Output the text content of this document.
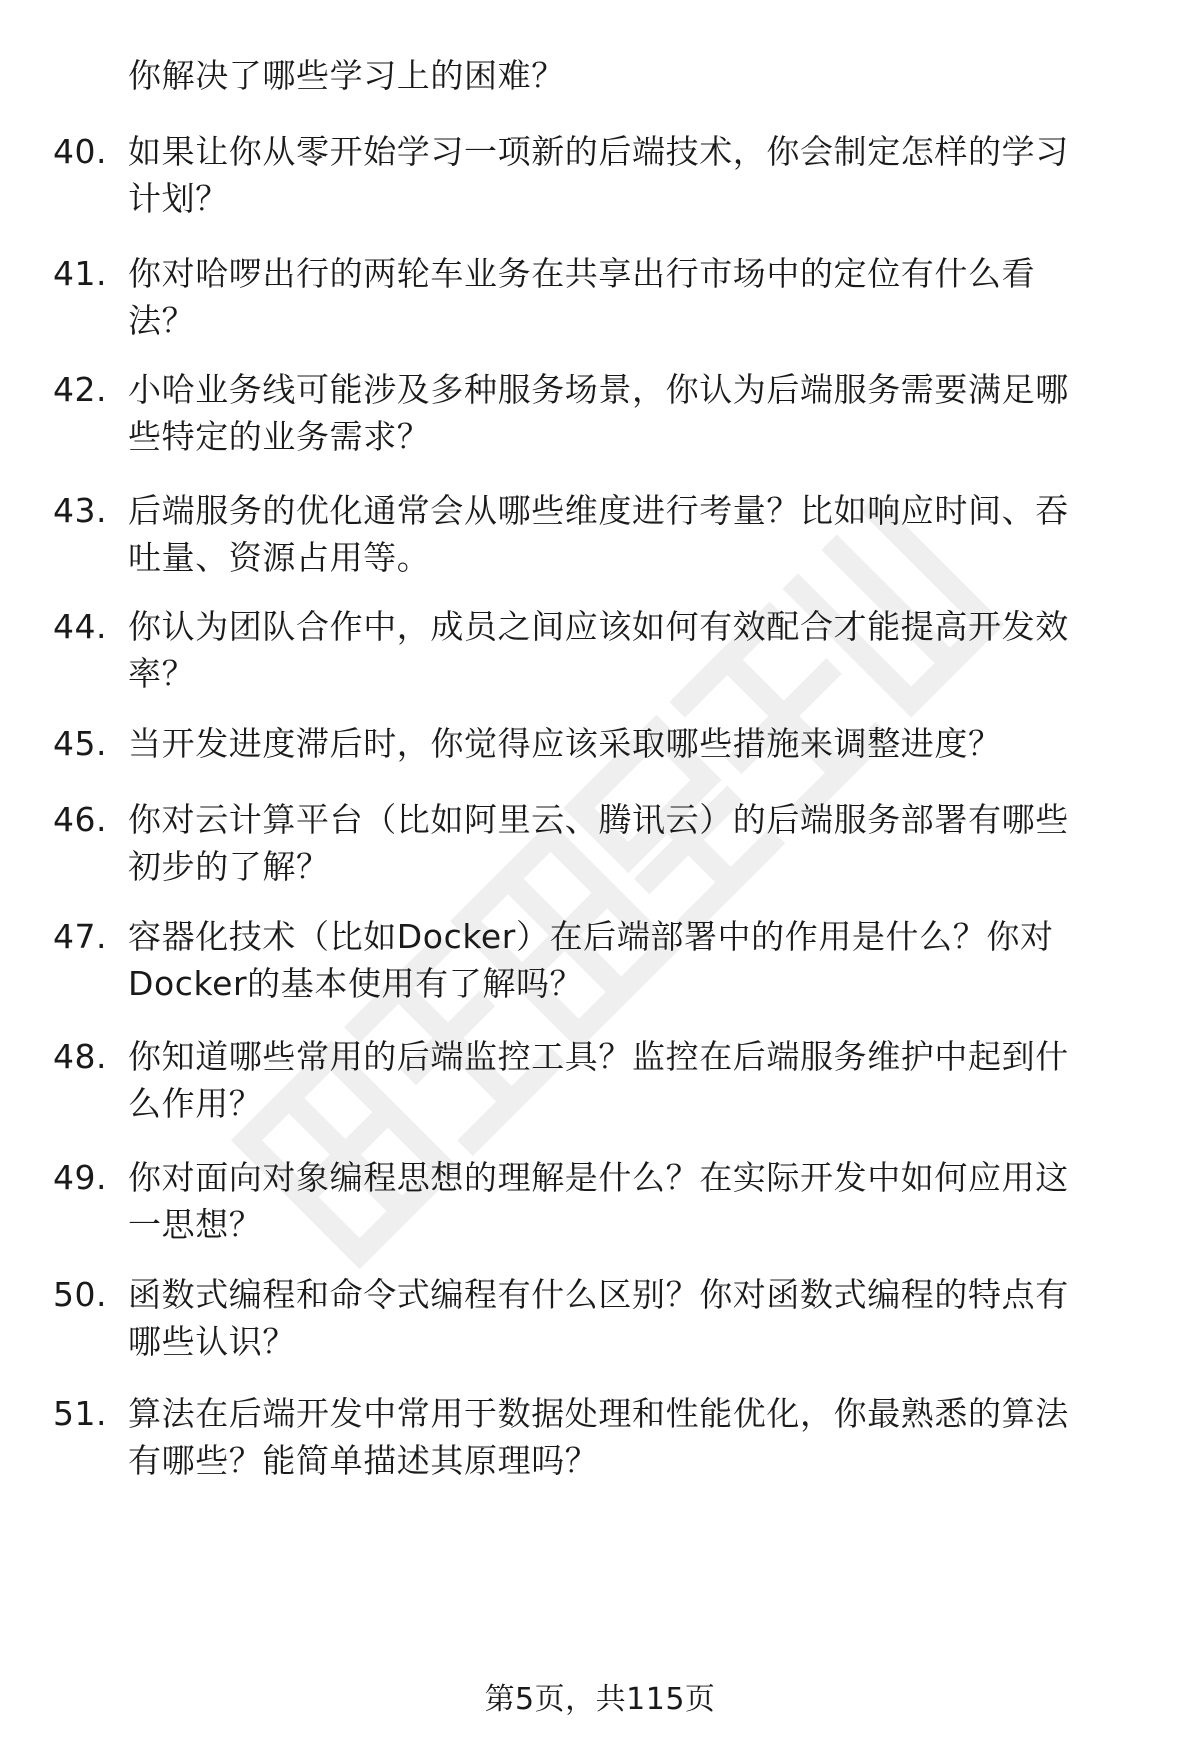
你解决了哪些学习上的困难？
40. 如果让你从零开始学习一项新的后端技术，你会制定怎样的学习
计划？
41. 你对哈啰出行的两轮车业务在共享出行市场中的定位有什么看
法？
42. 小哈业务线可能涉及多种服务场景，你认为后端服务需要满足哪
些特定的业务需求？
43. 后端服务的优化通常会从哪些维度进行考量？比如响应时间、吞
吐量、资源占用等。
44. 你认为团队合作中，成员之间应该如何有效配合才能提高开发效
率？
45. 当开发进度滞后时，你觉得应该采取哪些措施来调整进度？
46. 你对云计算平台（比如阿里云、腾讯云）的后端服务部署有哪些
初步的了解？
47. 容器化技术（比如Docker）在后端部署中的作用是什么？你对
Docker的基本使用有了解吗？
48. 你知道哪些常用的后端监控工具？监控在后端服务维护中起到什
么作用？
49. 你对面向对象编程思想的理解是什么？在实际开发中如何应用这
一思想？
50. 函数式编程和命令式编程有什么区别？你对函数式编程的特点有
哪些认识？
51. 算法在后端开发中常用于数据处理和性能优化，你最熟悉的算法
有哪些？能简单描述其原理吗？
第5页，共115页
